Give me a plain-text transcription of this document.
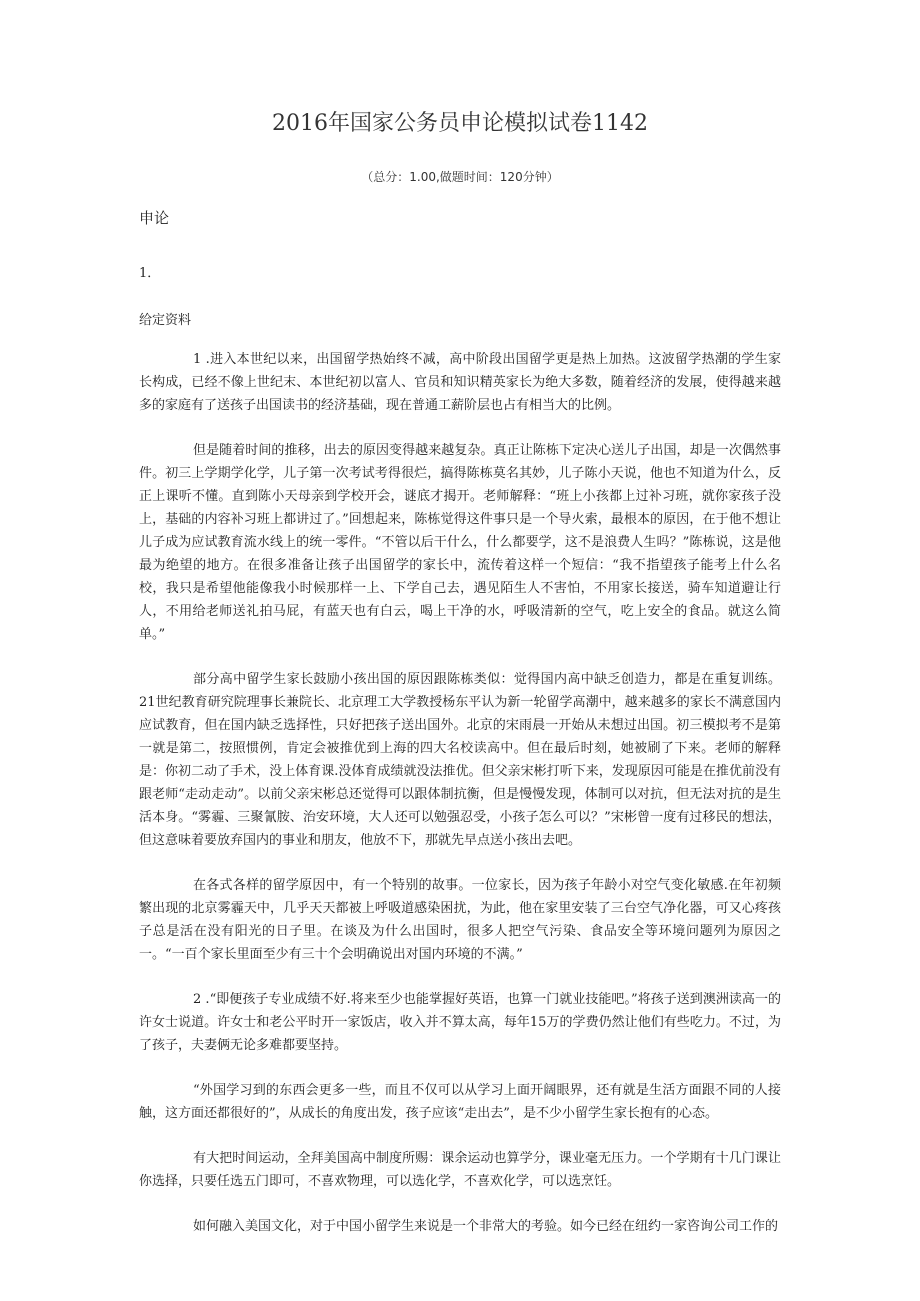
2016年国家公务员申论模拟试卷1142
（总分：1.00,做题时间：120分钟）
申论
1．
给定资料

1 .进入本世纪以来，出国留学热始终不减，高中阶段出国留学更是热上加热。这波留学热潮的学生家长构成，已经不像上世纪末、本世纪初以富人、官员和知识精英家长为绝大多数，随着经济的发展，使得越来越多的家庭有了送孩子出国读书的经济基础，现在普通工薪阶层也占有相当大的比例。

但是随着时间的推移，出去的原因变得越来越复杂。真正让陈栋下定决心送儿子出国，却是一次偶然事件。初三上学期学化学，儿子第一次考试考得很烂，搞得陈栋莫名其妙，儿子陈小天说，他也不知道为什么，反正上课听不懂。直到陈小天母亲到学校开会，谜底才揭开。老师解释：“班上小孩都上过补习班，就你家孩子没上，基础的内容补习班上都讲过了。”回想起来，陈栋觉得这件事只是一个导火索，最根本的原因，在于他不想让儿子成为应试教育流水线上的统一零件。“不管以后干什么，什么都要学，这不是浪费人生吗？”陈栋说，这是他最为绝望的地方。在很多准备让孩子出国留学的家长中，流传着这样一个短信：“我不指望孩子能考上什么名校，我只是希望他能像我小时候那样一上、下学自己去，遇见陌生人不害怕，不用家长接送，骑车知道避让行人，不用给老师送礼拍马屁，有蓝天也有白云，喝上干净的水，呼吸清新的空气，吃上安全的食品。就这么简单。”

部分高中留学生家长鼓励小孩出国的原因跟陈栋类似：觉得国内高中缺乏创造力，都是在重复训练。21世纪教育研究院理事长兼院长、北京理工大学教授杨东平认为新一轮留学高潮中，越来越多的家长不满意国内应试教育，但在国内缺乏选择性，只好把孩子送出国外。北京的宋雨晨一开始从未想过出国。初三模拟考不是第一就是第二，按照惯例，肯定会被推优到上海的四大名校读高中。但在最后时刻，她被刷了下来。老师的解释是：你初二动了手术，没上体育课.没体育成绩就没法推优。但父亲宋彬打听下来，发现原因可能是在推优前没有跟老师“走动走动”。以前父亲宋彬总还觉得可以跟体制抗衡，但是慢慢发现，体制可以对抗，但无法对抗的是生活本身。“雾霾、三聚氰胺、治安环境，大人还可以勉强忍受，小孩子怎么可以？”宋彬曾一度有过移民的想法，但这意味着要放弃国内的事业和朋友，他放不下，那就先早点送小孩出去吧。

在各式各样的留学原因中，有一个特别的故事。一位家长，因为孩子年龄小对空气变化敏感.在年初频繁出现的北京雾霾天中，几乎天天都被上呼吸道感染困扰，为此，他在家里安装了三台空气净化器，可又心疼孩子总是活在没有阳光的日子里。在谈及为什么出国时，很多人把空气污染、食品安全等环境问题列为原因之一。“一百个家长里面至少有三十个会明确说出对国内环境的不满。”

2 .“即便孩子专业成绩不好.将来至少也能掌握好英语，也算一门就业技能吧。”将孩子送到澳洲读高一的许女士说道。许女士和老公平时开一家饭店，收入并不算太高，每年15万的学费仍然让他们有些吃力。不过，为了孩子，夫妻俩无论多难都要坚持。

“外国学习到的东西会更多一些，而且不仅可以从学习上面开阔眼界，还有就是生活方面跟不同的人接触，这方面还都很好的”，从成长的角度出发，孩子应该“走出去”，是不少小留学生家长抱有的心态。

有大把时间运动，全拜美国高中制度所赐：课余运动也算学分，课业毫无压力。一个学期有十几门课让你选择，只要任选五门即可，不喜欢物理，可以选化学，不喜欢化学，可以选烹饪。

如何融入美国文化，对于中国小留学生来说是一个非常大的考验。如今已经在纽约一家咨询公司工作的
